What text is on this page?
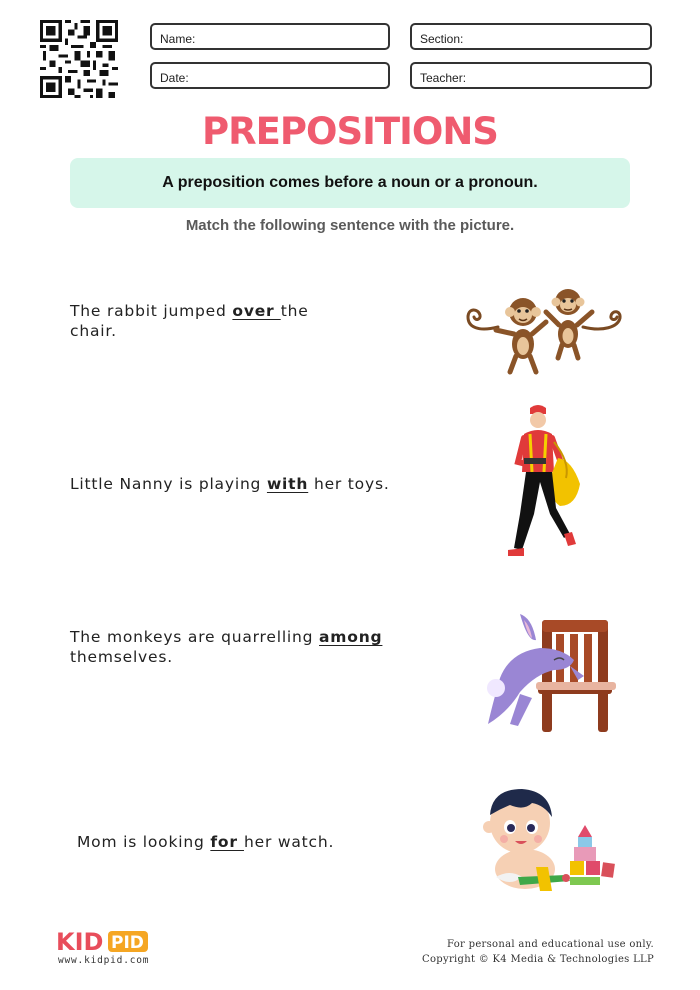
Name:	Section:
Date:	Teacher:
PREPOSITIONS
A preposition comes before a noun or a pronoun.
Match the following sentence with the picture.
The rabbit jumped over the
chair.
Little Nanny is playing with her toys.
The monkeys are quarrelling among
themselves.
Mom is looking for her watch.
KID PID
www.kidpid.com
For personal and educational use only.
Copyright © K4 Media & Technologies LLP
